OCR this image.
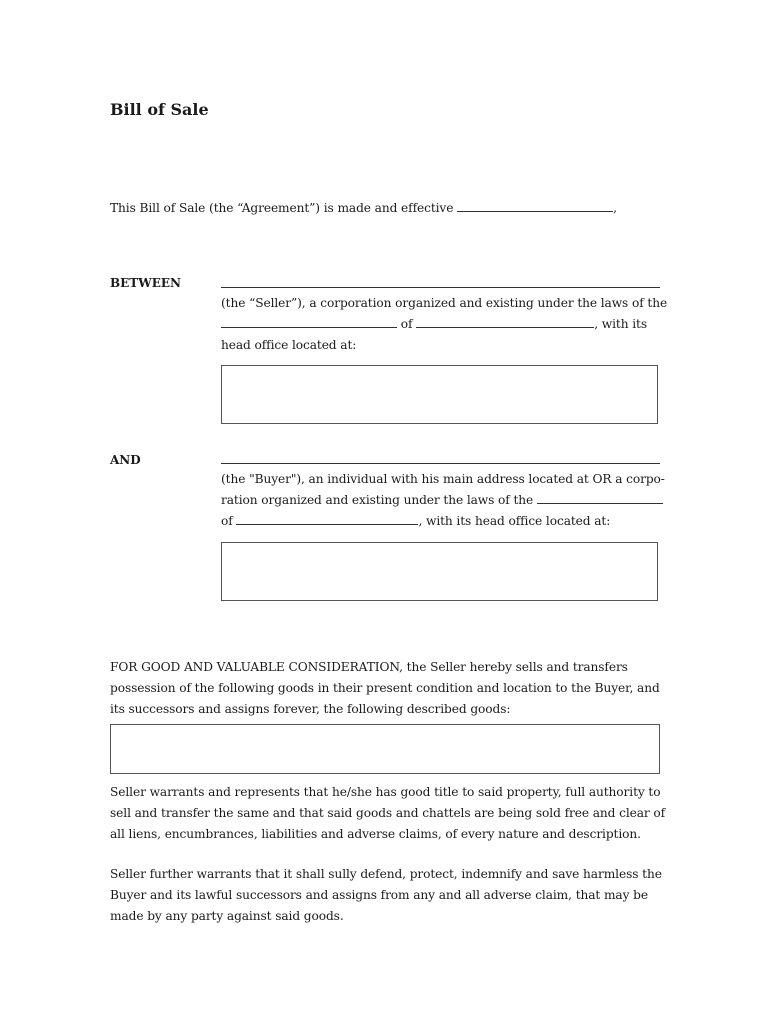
Bill of Sale
This Bill of Sale (the “Agreement”) is made and effective	,
BETWEEN
(the “Seller”), a corporation organized and existing under the laws of the
of	, with its
head office located at:
AND
(the "Buyer"), an individual with his main address located at OR a corpo-
ration organized and existing under the laws of the
of	, with its head office located at:
FOR GOOD AND VALUABLE CONSIDERATION, the Seller hereby sells and transfers
possession of the following goods in their present condition and location to the Buyer, and
its successors and assigns forever, the following described goods:
Seller warrants and represents that he/she has good title to said property, full authority to
sell and transfer the same and that said goods and chattels are being sold free and clear of
all liens, encumbrances, liabilities and adverse claims, of every nature and description.
Seller further warrants that it shall sully defend, protect, indemnify and save harmless the
Buyer and its lawful successors and assigns from any and all adverse claim, that may be
made by any party against said goods.
